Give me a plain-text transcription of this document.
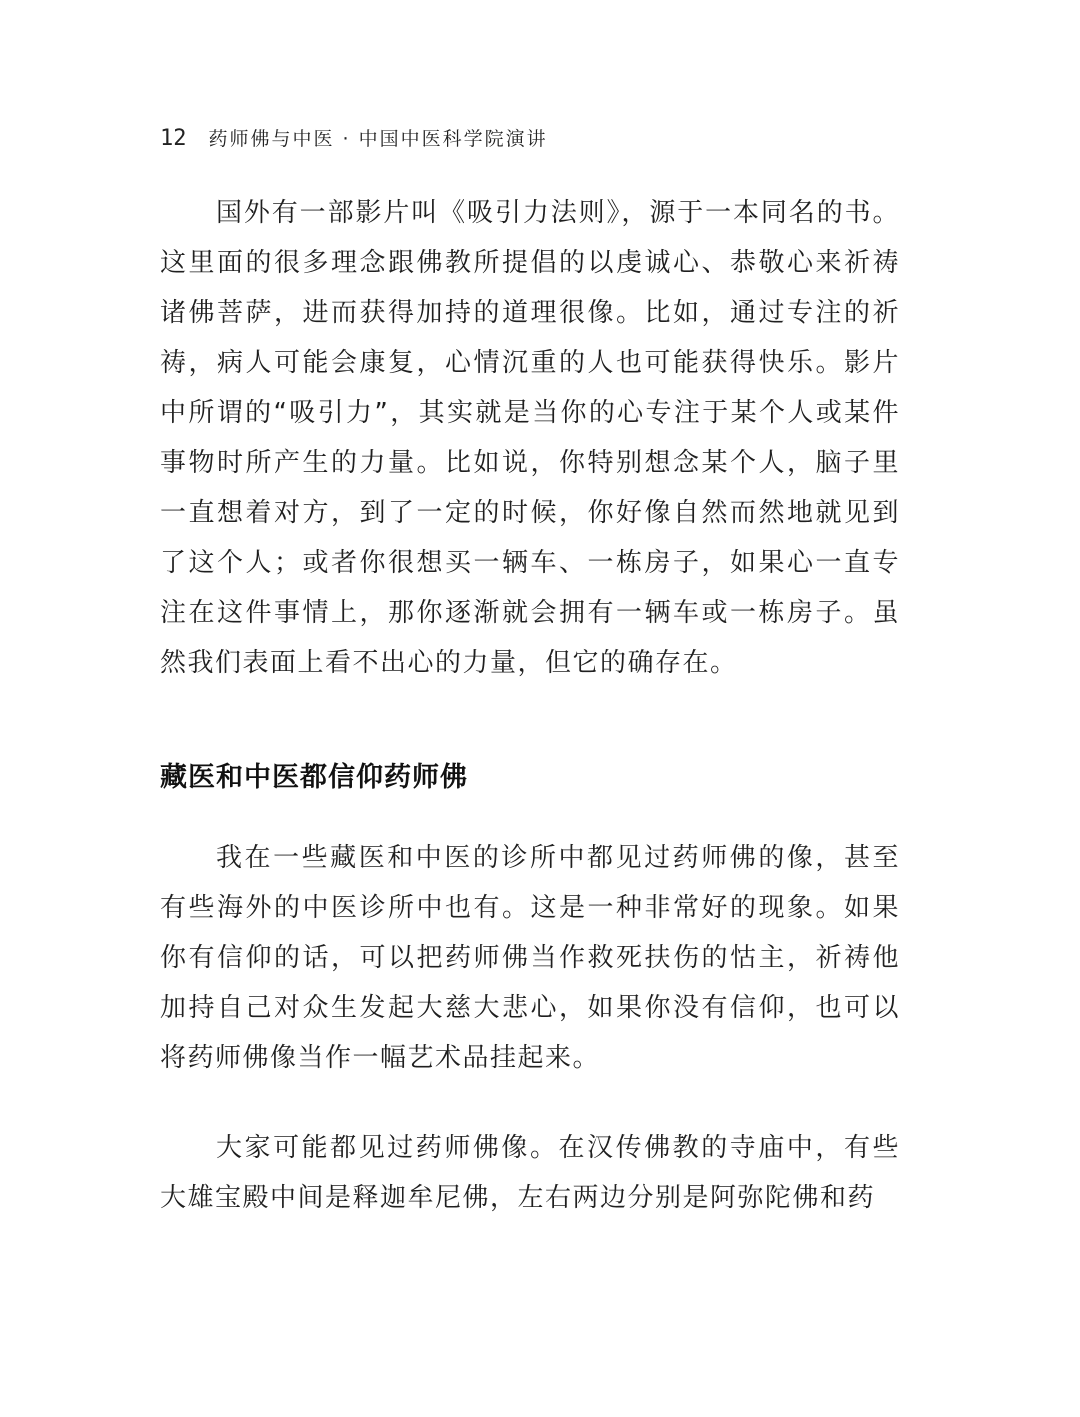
12 药师佛与中医 · 中国中医科学院演讲

国外有一部影片叫《吸引力法则》，源于一本同名的书。这里面的很多理念跟佛教所提倡的以虔诚心、恭敬心来祈祷诸佛菩萨，进而获得加持的道理很像。比如，通过专注的祈祷，病人可能会康复，心情沉重的人也可能获得快乐。影片中所谓的“吸引力”，其实就是当你的心专注于某个人或某件事物时所产生的力量。比如说，你特别想念某个人，脑子里一直想着对方，到了一定的时候，你好像自然而然地就见到了这个人；或者你很想买一辆车、一栋房子，如果心一直专注在这件事情上，那你逐渐就会拥有一辆车或一栋房子。虽然我们表面上看不出心的力量，但它的确存在。

藏医和中医都信仰药师佛

我在一些藏医和中医的诊所中都见过药师佛的像，甚至有些海外的中医诊所中也有。这是一种非常好的现象。如果你有信仰的话，可以把药师佛当作救死扶伤的怙主，祈祷他加持自己对众生发起大慈大悲心，如果你没有信仰，也可以将药师佛像当作一幅艺术品挂起来。

大家可能都见过药师佛像。在汉传佛教的寺庙中，有些大雄宝殿中间是释迦牟尼佛，左右两边分别是阿弥陀佛和药
